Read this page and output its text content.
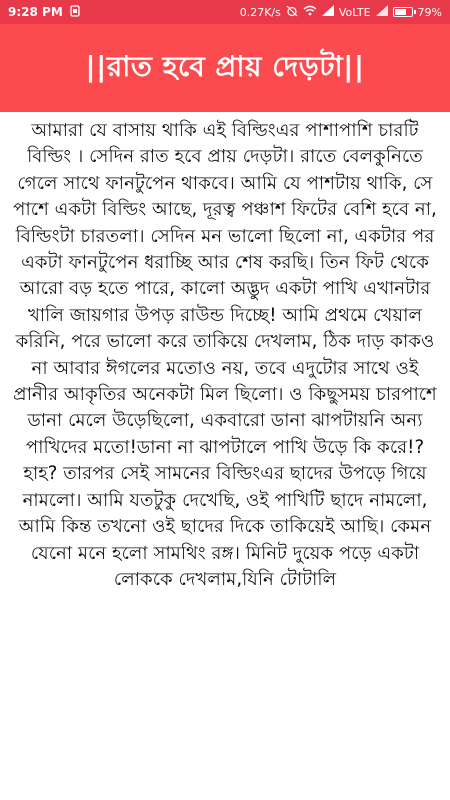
9:28 PM	0.27K/s	VoLTE	79%
||রাত হবে প্রায় দেড়টা||

আমারা যে বাসায় থাকি এই বিল্ডিংএর পাশাপাশি চারটি বিল্ডিং । সেদিন রাত হবে প্রায় দেড়টা। রাতে বেলকুনিতে গেলে সাথে ফানটুপেন থাকবে। আমি যে পাশটায় থাকি, সে পাশে একটা বিল্ডিং আছে, দূরত্ব পঞ্চাশ ফিটের বেশি হবে না, বিল্ডিংটা চারতলা। সেদিন মন ভালো ছিলো না, একটার পর একটা ফানটুপেন ধরাচ্ছি আর শেষ করছি। তিন ফিট থেকে আরো বড় হতে পারে, কালো অদ্ভুদ একটা পাখি এখানটার খালি জায়গার উপড় রাউন্ড দিচ্ছে! আমি প্রথমে খেয়াল করিনি, পরে ভালো করে তাকিয়ে দেখলাম, ঠিক দাড় কাকও না আবার ঈগলের মতোও নয়, তবে এদুটোর সাথে ওই প্রানীর আকৃতির অনেকটা মিল ছিলো। ও কিছুসময় চারপাশে ডানা মেলে উড়েছিলো, একবারো ডানা ঝাপটায়নি অন্য পাখিদের মতো!ডানা না ঝাপটালে পাখি উড়ে কি করে!? হাহ? তারপর সেই সামনের বিল্ডিংএর ছাদের উপড়ে গিয়ে নামলো। আমি যতটুকু দেখেছি, ওই পাখিটি ছাদে নামলো, আমি কিন্ত তখনো ওই ছাদের দিকে তাকিয়েই আছি। কেমন যেনো মনে হলো সামথিং রঙ্গ। মিনিট দুয়েক পড়ে একটা লোককে দেখলাম,যিনি টোটালি
